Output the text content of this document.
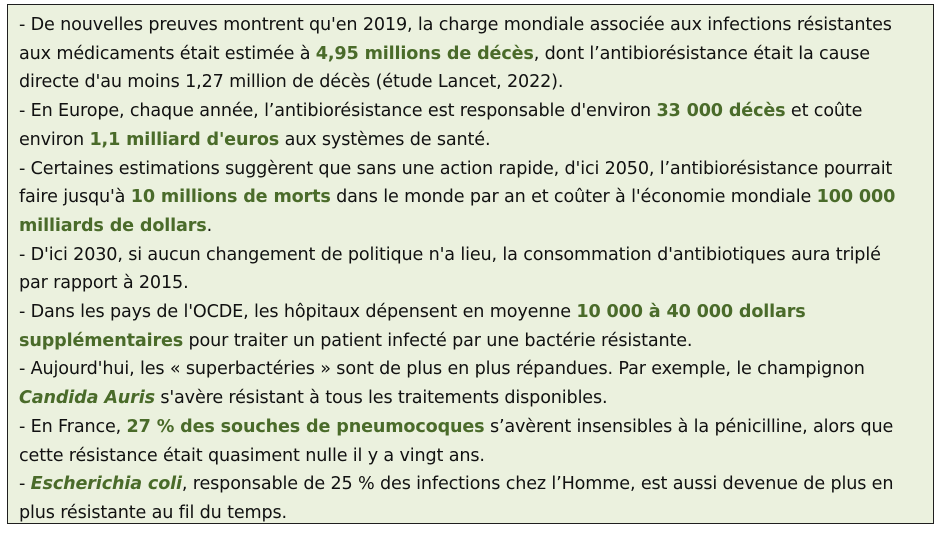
- De nouvelles preuves montrent qu'en 2019, la charge mondiale associée aux infections résistantes
aux médicaments était estimée à 4,95 millions de décès, dont l’antibiorésistance était la cause
directe d'au moins 1,27 million de décès (étude Lancet, 2022).
- En Europe, chaque année, l’antibiorésistance est responsable d'environ 33 000 décès et coûte
environ 1,1 milliard d'euros aux systèmes de santé.
- Certaines estimations suggèrent que sans une action rapide, d'ici 2050, l’antibiorésistance pourrait
faire jusqu'à 10 millions de morts dans le monde par an et coûter à l'économie mondiale 100 000
milliards de dollars.
- D'ici 2030, si aucun changement de politique n'a lieu, la consommation d'antibiotiques aura triplé
par rapport à 2015.
- Dans les pays de l'OCDE, les hôpitaux dépensent en moyenne 10 000 à 40 000 dollars
supplémentaires pour traiter un patient infecté par une bactérie résistante.
- Aujourd'hui, les « superbactéries » sont de plus en plus répandues. Par exemple, le champignon
Candida Auris s'avère résistant à tous les traitements disponibles.
- En France, 27 % des souches de pneumocoques s’avèrent insensibles à la pénicilline, alors que
cette résistance était quasiment nulle il y a vingt ans.
- Escherichia coli, responsable de 25 % des infections chez l’Homme, est aussi devenue de plus en
plus résistante au fil du temps.
